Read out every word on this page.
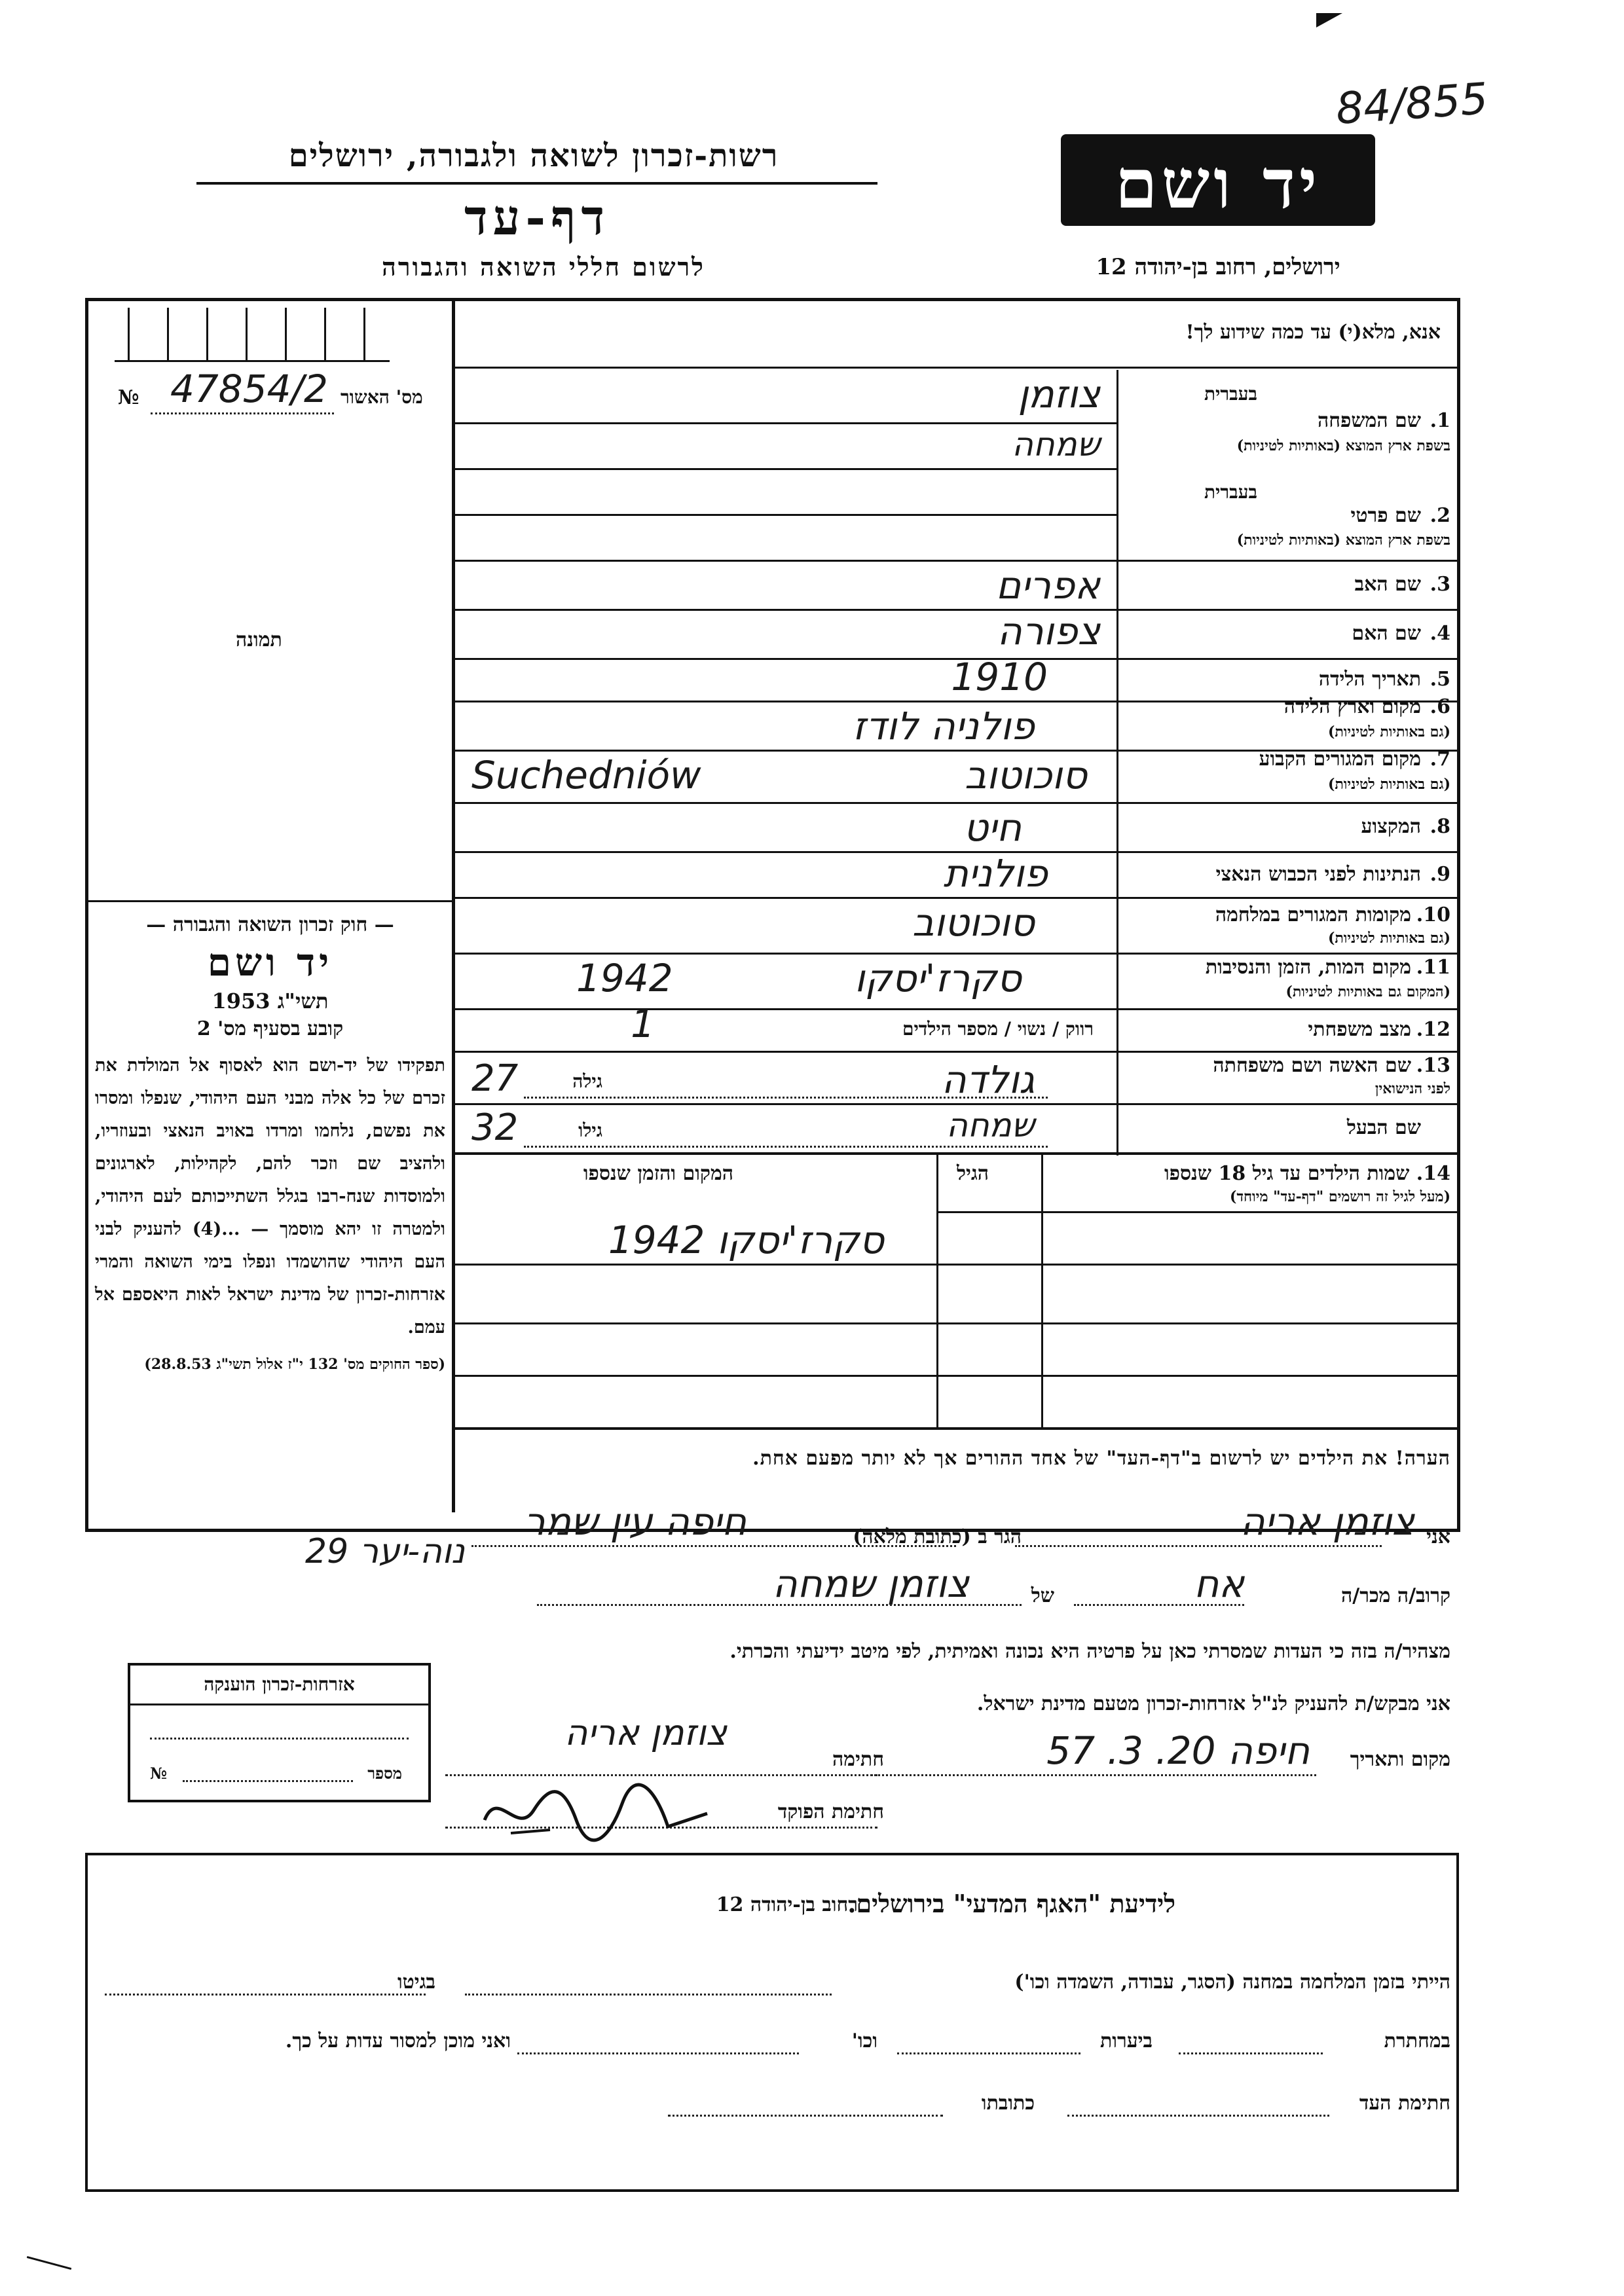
84/855
יד ושם
רשות-זכרון לשואה ולגבורה, ירושלים
דף-עד
לרשום חללי השואה והגבורה	ירושלים, רחוב בן-יהודה 12
№ 47854/2 מס' האשור
תמונה

— חוק זכרון השואה והגבורה —

יד ושם

תשי"ג 1953

קובע בסעיף מס' 2

תפקידו של יד-ושם הוא לאסוף אל המולדת את זכרם של כל אלה מבני העם היהודי, שנפלו ומסרו את נפשם, נלחמו ומרדו באויב הנאצי ובעוזריו, ולהציב שם וזכר להם, לקהילות, לארגונים ולמוסדות שנח-רבו בגלל השתייכותם לעם היהודי, ולמטרה זו יהא מוסמך — ...(4) להעניק לבני העם היהודי שהושמדו ונפלו בימי השואה והמרי אזרחות-זכרון של מדינת ישראל לאות היאספם אל עמם.

(ספר החוקים מס' 132 י"ז אלול תשי"ג 28.8.53)

אנא, מלא(י) עד כמה שידוע לך!
בעברית
1.
שם המשפחה
בשפת ארץ המוצא (באותיות לטיניות)
צוזמן
שמחה
בעברית
2.
שם פרטי
בשפת ארץ המוצא (באותיות לטיניות)
3.
שם האב
אפרים
4.
שם האם
צפורה
5.
תאריך הלידה
1910
6.
מקום וארץ הלידה
(גם באותיות לטיניות)
פולניה לודז
7.
מקום המגורים הקבוע
(גם באותיות לטיניות)
סוכוטוב
Suchedniów
8.
המקצוע
חיט
9.
הנתינות לפני הכבוש הנאצי
פולנית
10.
מקומות המגורים במלחמה
(גם באותיות לטיניות)
סוכוטוב
11.
מקום המות, הזמן והנסיבות
(המקום גם באותיות לטיניות)
סקרז'יסקו
1942
12.
מצב משפחתי
רווק / נשוי / מספר הילדים
1
13.
שם האשה ושם משפחתה
לפני הנישואין
גולדה
גילה
27
שם הבעל
שמחה
גילו
32
14. שמות הילדים עד גיל 18 שנספו
(מעל לגיל זה רושמים "דף-עד" מיוחד)
הגיל
המקום והזמן שנספו
סקרז'יסקו 1942
הערה! את הילדים יש לרשום ב"דף-העד" של אחד ההורים אך לא יותר מפעם אחת.
אני
צוזמן אריה
הגר ב (כתובת מלאה)
חיפה עין שמר
נוה-יער 29
קרוב/ה מכר/ה
אח
של
צוזמן שמחה
מצהיר/ה בזה כי העדות שמסרתי כאן על פרטיה היא נכונה ואמיתית, לפי מיטב ידיעתי והכרתי.
אני מבקש/ת להעניק לנ"ל אזרחות-זכרון מטעם מדינת ישראל.
מקום ותאריך
חיפה 20. 3. 57
חתימה
צוזמן אריה
חתימת הפוקד
אזרחות-זכרון הוענקה
№	מספר
לידיעת "האגף המדעי" בירושלים.
רחוב בן-יהודה 12
הייתי בזמן המלחמה במחנה (הסגר, עבודה, השמדה וכו')
בגיטו
במחתרת
ביערות
וכו'
ואני מוכן למסור עדות על כך.
חתימת העד
כתובתו
